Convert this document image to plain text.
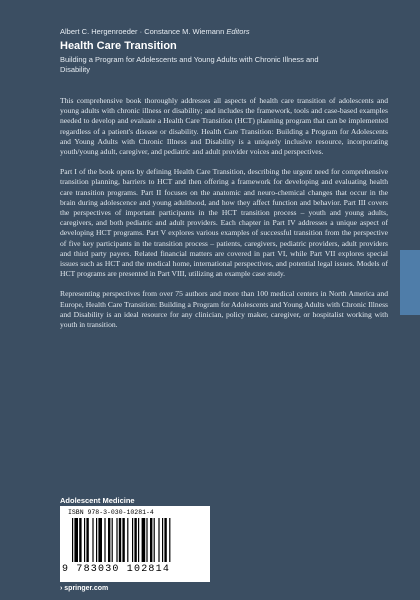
Albert C. Hergenroeder · Constance M. Wiemann Editors
Health Care Transition
Building a Program for Adolescents and Young Adults with Chronic Illness and Disability

This comprehensive book thoroughly addresses all aspects of health care transition of adolescents and young adults with chronic illness or disability; and includes the framework, tools and case-based examples needed to develop and evaluate a Health Care Transition (HCT) planning program that can be implemented regardless of a patient's disease or disability. Health Care Transition: Building a Program for Adolescents and Young Adults with Chronic Illness and Disability is a uniquely inclusive resource, incorporating youth/young adult, caregiver, and pediatric and adult provider voices and perspectives.

Part I of the book opens by defining Health Care Transition, describing the urgent need for comprehensive transition planning, barriers to HCT and then offering a framework for developing and evaluating health care transition programs. Part II focuses on the anatomic and neuro-chemical changes that occur in the brain during adolescence and young adulthood, and how they affect function and behavior. Part III covers the perspectives of important participants in the HCT transition process – youth and young adults, caregivers, and both pediatric and adult providers. Each chapter in Part IV addresses a unique aspect of developing HCT programs. Part V explores various examples of successful transition from the perspective of five key participants in the transition process – patients, caregivers, pediatric providers, adult providers and third party payers. Related financial matters are covered in part VI, while Part VII explores special issues such as HCT and the medical home, international perspectives, and potential legal issues. Models of HCT programs are presented in Part VIII, utilizing an example case study.

Representing perspectives from over 75 authors and more than 100 medical centers in North America and Europe, Health Care Transition: Building a Program for Adolescents and Young Adults with Chronic Illness and Disability is an ideal resource for any clinician, policy maker, caregiver, or hospitalist working with youth in transition.

Adolescent Medicine
ISBN 978-3-030-10281-4
9 783030 102814
› springer.com
